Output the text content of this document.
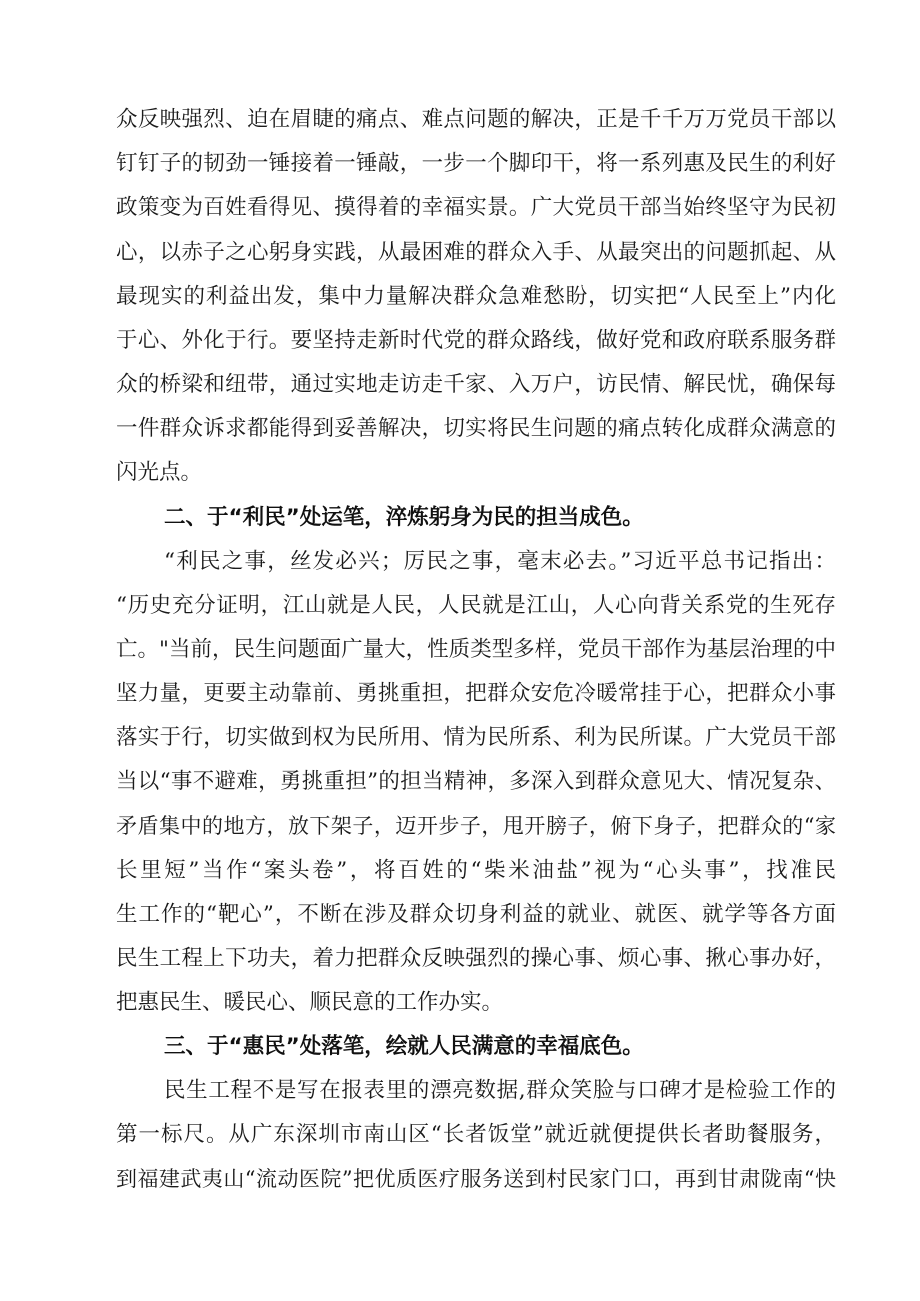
众反映强烈、迫在眉睫的痛点、难点问题的解决，正是千千万万党员干部以
钉钉子的韧劲一锤接着一锤敲，一步一个脚印干，将一系列惠及民生的利好
政策变为百姓看得见、摸得着的幸福实景。广大党员干部当始终坚守为民初
心，以赤子之心躬身实践，从最困难的群众入手、从最突出的问题抓起、从
最现实的利益出发，集中力量解决群众急难愁盼，切实把“人民至上”内化
于心、外化于行。要坚持走新时代党的群众路线，做好党和政府联系服务群
众的桥梁和纽带，通过实地走访走千家、入万户，访民情、解民忧，确保每
一件群众诉求都能得到妥善解决，切实将民生问题的痛点转化成群众满意的
闪光点。
二、于“利民”处运笔，淬炼躬身为民的担当成色。
“利民之事，丝发必兴；厉民之事，毫末必去。”习近平总书记指出：
“历史充分证明，江山就是人民，人民就是江山，人心向背关系党的生死存
亡。"当前，民生问题面广量大，性质类型多样，党员干部作为基层治理的中
坚力量，更要主动靠前、勇挑重担，把群众安危冷暖常挂于心，把群众小事
落实于行，切实做到权为民所用、情为民所系、利为民所谋。广大党员干部
当以“事不避难，勇挑重担”的担当精神，多深入到群众意见大、情况复杂、
矛盾集中的地方，放下架子，迈开步子，甩开膀子，俯下身子，把群众的“家
长里短”当作“案头卷”，将百姓的“柴米油盐”视为“心头事”，找准民
生工作的“靶心”，不断在涉及群众切身利益的就业、就医、就学等各方面
民生工程上下功夫，着力把群众反映强烈的操心事、烦心事、揪心事办好，
把惠民生、暖民心、顺民意的工作办实。
三、于“惠民”处落笔，绘就人民满意的幸福底色。
民生工程不是写在报表里的漂亮数据,群众笑脸与口碑才是检验工作的
第一标尺。从广东深圳市南山区“长者饭堂”就近就便提供长者助餐服务，
到福建武夷山“流动医院”把优质医疗服务送到村民家门口，再到甘肃陇南“快
